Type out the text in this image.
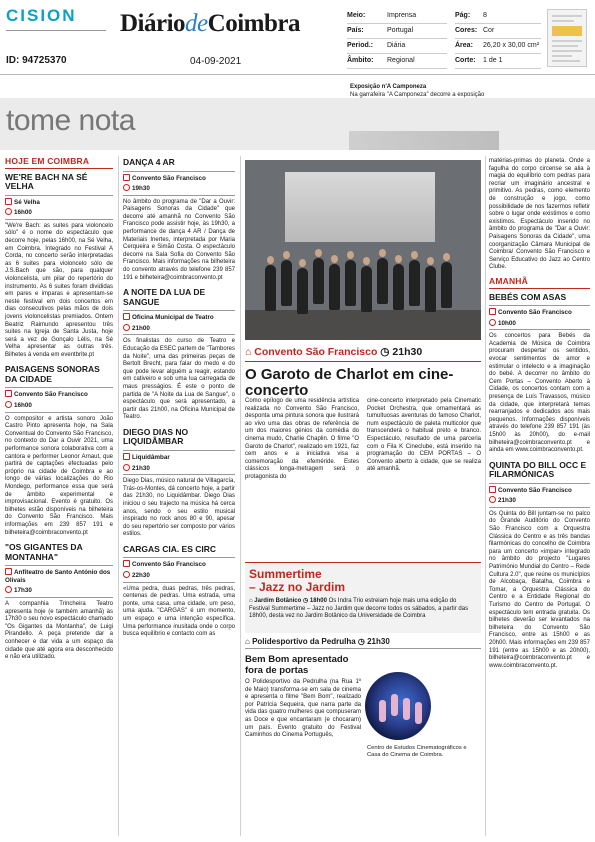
CISION
ID: 94725370
DiáriodeCoimbra
04-09-2021
Meio:	Imprensa
País:	Portugal
Period.: Diária
Âmbito: Regional
Pág: 8
Cores: Cor
Área: 26,20 x 30,00 cm²
Corte: 1 de 1
Exposição n'A Camponeza
Na garrafeira "A Camponeza" decorre a exposição
tome nota
HOJE EM COIMBRA
WE'RE BACH NA SÉ VELHA
Sé Velha
16h00

"We're Bach: as suites para violoncelo sólo" é o nome do espectáculo que decorre hoje, pelas 16h00, na Sé Velha, em Coimbra. Integrado no Festival A Corda, no concerto serão interpretadas as 6 suites para violoncelo sólo de J.S.Bach que são, para qualquer violoncelista, um pilar do repertório do instrumento. As 6 suites foram divididas em pares e imparas e apresentam-se neste festival em dois concertos em dias consecutivos pelas mãos de dois jovens violoncelistas premiados. Ontem Beatriz Raimundo apresentou três suites na Igreja de Santa Justa, hoje será a vez de Gonçalo Lélis, na Sé Velha apresentar as outras três. Bilhetes à venda em eventbrite.pt

PAISAGENS SONORAS DA CIDADE
Convento São Francisco
16h00

O compositor e artista sonoro João Castro Pinto apresenta hoje, na Sala Conventual do Convento São Francisco, no contexto do Dar a Ouvir 2021, uma performance sonora colaborativa com a cantora e performer Leonor Arnaut, que partirá de captações efectuadas pelo próprio na cidade de Coimbra e ao longo de várias localizações do Rio Mondego, performance essa que será de âmbito experimental e improvisacional. Evento é gratuito. Os bilhetes estão disponíveis na bilheteira do Convento São Francisco. Mais informações em 239 857 191 e bilheteira@coimbraconvento.pt

"OS GIGANTES DA MONTANHA"
Anfiteatro de Santo António dos Olivais
17h30

A companhia Trincheira Teatro apresenta hoje (e também amanhã) às 17h30 o seu novo espectáculo chamado "Os Gigantes da Montanha", de Luigi Pirandello. A peça pretende dar a conhecer e dar vida a um espaço da cidade que até agora era desconhecido e não era utilizado.

DANÇA 4 AR
Convento São Francisco
19h30

No âmbito do programa de "Dar a Ouvir: Paisagens Sonoras da Cidade" que decorre até amanhã no Convento São Francisco pode assistir hoje, às 19h30, a performance de dança 4 AR / Dança de Materiais Inertes, interpretada por Maria Cerqueira e Simão Costa. O espectáculo decorre na Sala Sofia do Convento São Francisco. Mais informações na bilheteira do convento através do telefone 239 857 191 e bilheteira@coimbraconvento.pt

A NOITE DA LUA DE SANGUE
Oficina Municipal de Teatro
21h00

Os finalistas do curso de Teatro e Educação da ESEC partem de "Tambores da Noite", uma das primeiras peças de Bertolt Brecht, para falar do medo e do que pode levar alguém a reagir, estando em cativeiro e sob uma lua carregada de maus presságios. É este o ponto de partida de "A Noite da Lua de Sangue", o espectáculo que será apresentado, a partir das 21h00, na Oficina Municipal de Teatro.

DIEGO DIAS NO LIQUIDÂMBAR
Liquidâmbar
21h30

Diego Dias, músico natural de Villagarcía, Trás-os-Montes, dá concerto hoje, a partir das 21h30, no Liquidâmbar. Diego Dias iniciou o seu trajecto na música há cerca anos, sendo o seu estilo musical inspirado no rock anos 80 e 90, apesar do seu repertório ser composto por vários estilos.

CARGAS CIA. ES CIRC
Convento São Francisco
22h30

«Uma pedra, duas pedras, três pedras, centenas de pedras. Uma estrada, uma ponte, uma casa, uma cidade, um peso, uma ajuda. "CARGAS" é um momento, um espaço e uma intenção específica. Uma performance inusitada onde o corpo busca equilíbrio e contacto com as

⌂ Convento São Francisco ◷ 21h30
O Garoto de Charlot em cine-concerto

Como epílogo de uma residência artística realizada no Convento São Francisco, desponta uma pintura sonora que ilustrará ao vivo uma das obras de referência de um dos maiores génios da comédia do cinema mudo, Charlie Chaplin. O filme "O Garoto de Charlot", realizado em 1921, faz cem anos e a iniciativa visa a comemoração da efeméride. Estes clássicos longa-metragem será o protagonista do

cine-concerto interpretado pela Cinematic Pocket Orchestra, que ornamentará as tumultuosas aventuras do famoso Charlot, num espectáculo de paleta multicolor que transcenderá o habitual preto e branco. Espectáculo, resultado de uma parceria com o Fila K Cineclube, está inserido na programação do CEM PORTAS – O Convento aberto à cidade, que se realiza até amanhã.

Summertime
– Jazz no Jardim
⌂ Jardim Botânico ◷ 18h00 Os Indra Trio estreiam hoje mais uma edição do Festival Summertime – Jazz no Jardim que decorre todos os sábados, a partir das 18h00, desta vez no Jardim Botânico da Universidade de Coimbra
⌂ Polidesportivo da Pedrulha ◷ 21h30
Bem Bom apresentado fora de portas

O Polidesportivo da Pedrulha (na Rua 1º de Maio) transforma-se em sala de cinema e apresenta o filme "Bem Bom", realizado por Patrícia Sequeira, que narra parte da vida das quatro mulheres que compuseram as Doce e que encantaram (e chocaram) um país. Evento gratuito do Festival Caminhos do Cinema Português,

Centro de Estudos Cinematográficos e Casa do Cinema de Coimbra.

matérias-primas do planeta. Onde a fagulha do corpo circense se alia à magia do equilíbrio com pedras para recriar um imaginário ancestral e primitivo. As pedras, como elemento de construção e jogo, como possibilidade de nos fazermos refletir sobre o lugar onde existimos e como existimos. Espectáculo inserido no âmbito do programa de "Dar a Ouvir: Paisagens Sonoras da Cidade", uma coorganização Câmara Municipal de Coimbra/ Convento São Francisco e Serviço Educativo do Jazz ao Centro Clube.

AMANHÃ
BEBÉS COM ASAS
Convento São Francisco
10h00

Os concertos para Bebés da Academia de Música de Coimbra procuram despertar os sentidos, evocar sentimentos de amor e estimular o intelecto e a imaginação do bebé. A decorrer no âmbito do Cem Portas – Convento Aberto à Cidade, os concertos contam com a presença de Luís Travassos, músico da cidade, que interpretará temas rearranjados e dedicados aos mais pequenos. Informações disponíveis através do telefone 239 857 191 (às 15h00 às 20h00), do e-mail bilheteira@coimbraconvento.pt e ainda em www.coimbraconvento.pt.

QUINTA DO BILL OCC E FILARMÓNICAS
Convento São Francisco
21h30

Os Quinta do Bill juntam-se no palco do Grande Auditório do Convento São Francisco com a Orquestra Clássica do Centro e as três bandas filarmónicas do concelho de Coimbra para um concerto «impar» integrado no âmbito do projecto "Lugares Património Mundial do Centro – Rede Cultura 2.0", que reúne os municípios de Alcobaça, Batalha, Coimbra e Tomar, a Orquestra Clássica do Centro e a Entidade Regional do Turismo do Centro de Portugal. O espectáculo tem entrada gratuita. Os bilhetes deverão ser levantados na bilheteira do Convento São Francisco, entre as 15h00 e as 20h00. Mais informações em 239 857 191 (entre as 15h00 e as 20h00), bilheteira@coimbraconvento.pt e www.coimbraconvento.pt.
